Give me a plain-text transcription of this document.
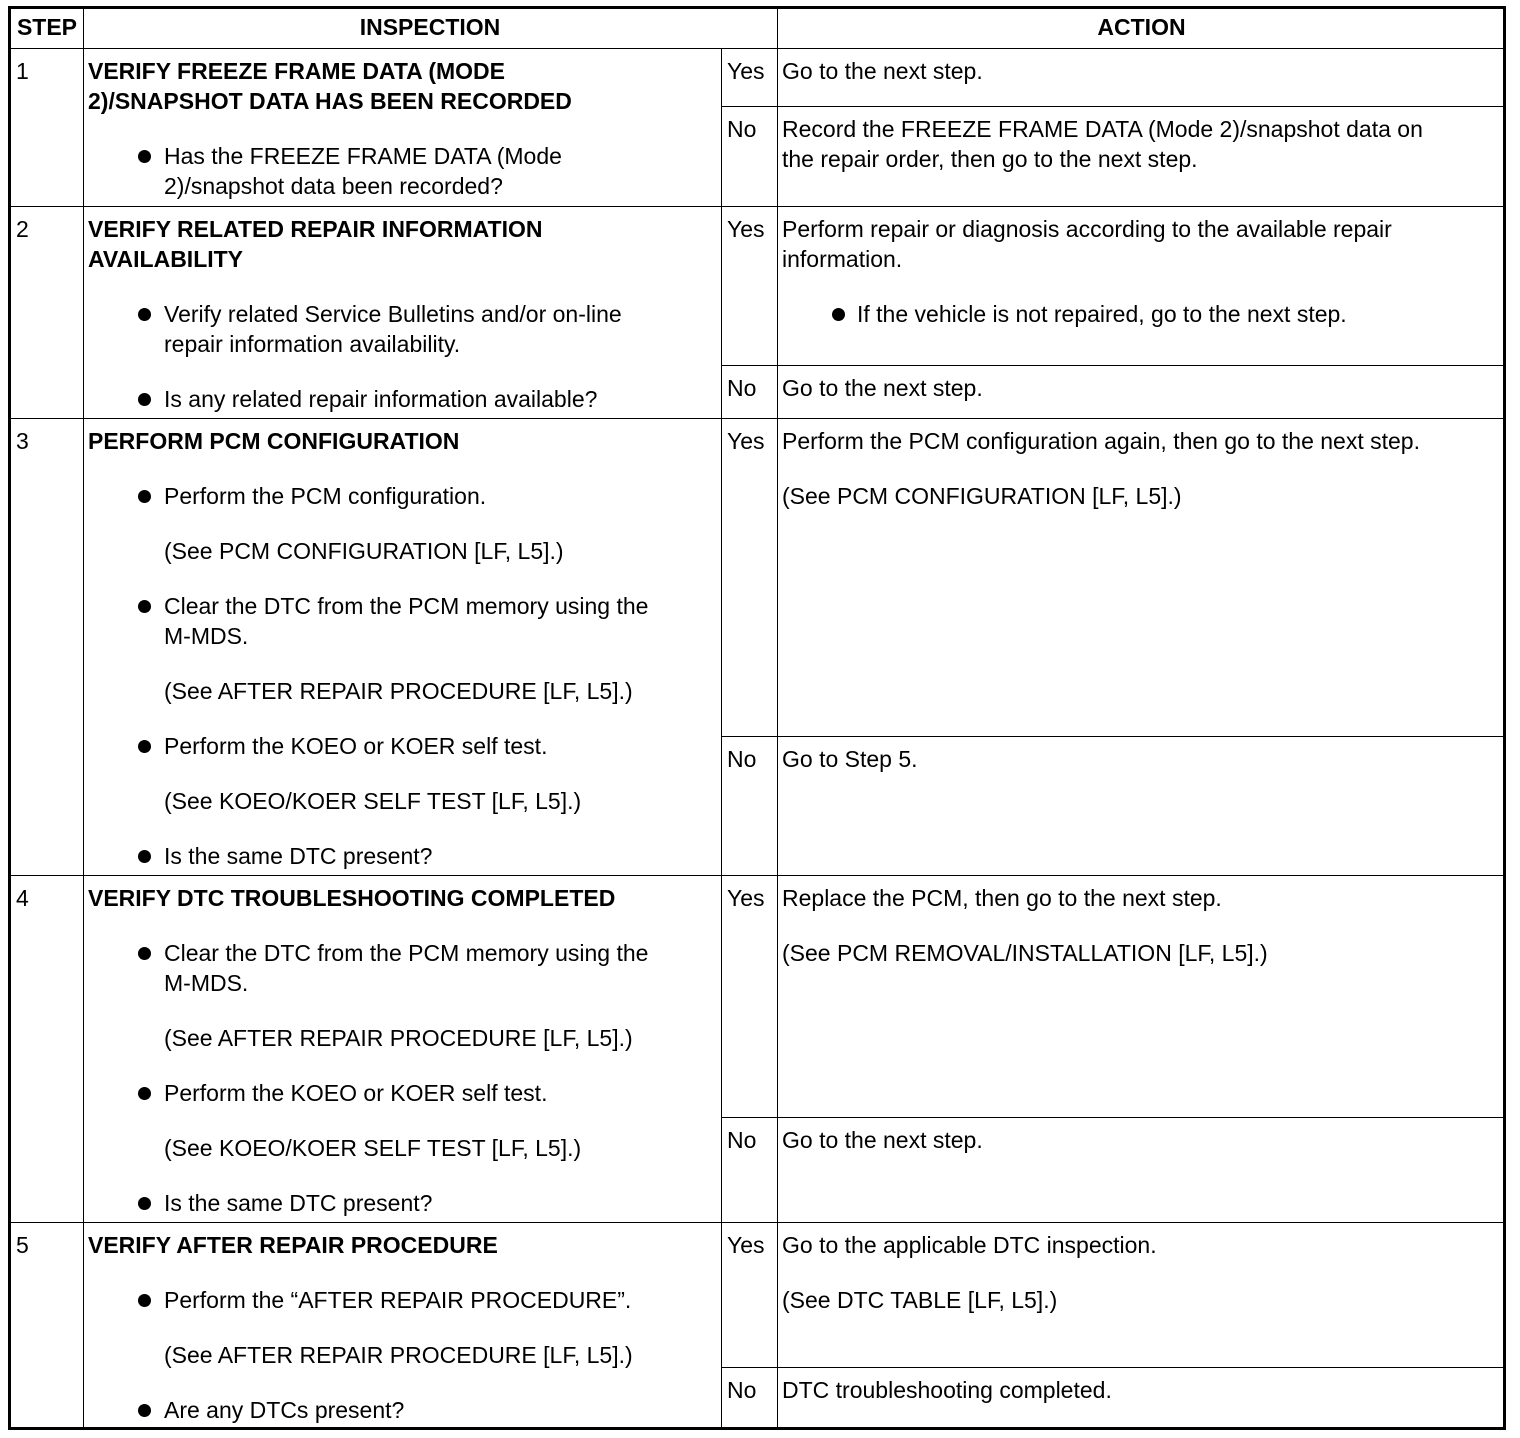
STEP	INSPECTION	ACTION
1	VERIFY FREEZE FRAME DATA (MODE
2)/SNAPSHOT DATA HAS BEEN RECORDED
Has the FREEZE FRAME DATA (Mode
2)/snapshot data been recorded?
Yes Go to the next step.
No Record the FREEZE FRAME DATA (Mode 2)/snapshot data on
the repair order, then go to the next step.
2	VERIFY RELATED REPAIR INFORMATION
AVAILABILITY
Verify related Service Bulletins and/or on-line
repair information availability.
Is any related repair information available?
Yes Perform repair or diagnosis according to the available repair
information.
If the vehicle is not repaired, go to the next step.
No Go to the next step.
3	PERFORM PCM CONFIGURATION
Perform the PCM configuration.
(See PCM CONFIGURATION [LF, L5].)
Clear the DTC from the PCM memory using the
M-MDS.
(See AFTER REPAIR PROCEDURE [LF, L5].)
Perform the KOEO or KOER self test.
(See KOEO/KOER SELF TEST [LF, L5].)
Is the same DTC present?
Yes Perform the PCM configuration again, then go to the next step.
(See PCM CONFIGURATION [LF, L5].)
No Go to Step 5.
4	VERIFY DTC TROUBLESHOOTING COMPLETED
Clear the DTC from the PCM memory using the
M-MDS.
(See AFTER REPAIR PROCEDURE [LF, L5].)
Perform the KOEO or KOER self test.
(See KOEO/KOER SELF TEST [LF, L5].)
Is the same DTC present?
Yes Replace the PCM, then go to the next step.
(See PCM REMOVAL/INSTALLATION [LF, L5].)
No Go to the next step.
5	VERIFY AFTER REPAIR PROCEDURE
Perform the “AFTER REPAIR PROCEDURE”.
(See AFTER REPAIR PROCEDURE [LF, L5].)
Are any DTCs present?
Yes Go to the applicable DTC inspection.
(See DTC TABLE [LF, L5].)
No DTC troubleshooting completed.
